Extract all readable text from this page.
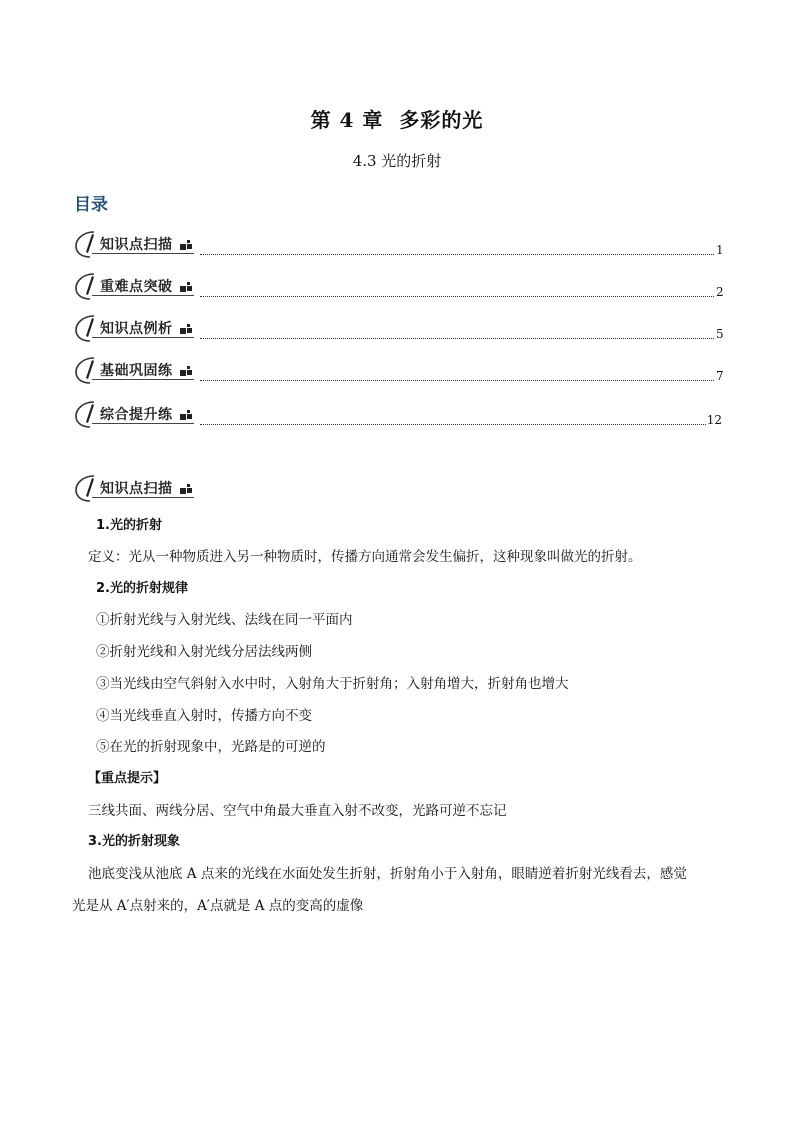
第 4 章 多彩的光
4.3 光的折射
目录
知识点扫描	1
重难点突破	2
知识点例析	5
基础巩固练	7
综合提升练	12
知识点扫描
1.光的折射
定义：光从一种物质进入另一种物质时，传播方向通常会发生偏折，这种现象叫做光的折射。
2.光的折射规律
①折射光线与入射光线、法线在同一平面内
②折射光线和入射光线分居法线两侧
③当光线由空气斜射入水中时，入射角大于折射角；入射角增大，折射角也增大
④当光线垂直入射时，传播方向不变
⑤在光的折射现象中，光路是的可逆的
【重点提示】
三线共面、两线分居、空气中角最大垂直入射不改变，光路可逆不忘记
3.光的折射现象
池底变浅从池底 A 点来的光线在水面处发生折射，折射角小于入射角，眼睛逆着折射光线看去，感觉
光是从 A′点射来的，A′点就是 A 点的变高的虚像
